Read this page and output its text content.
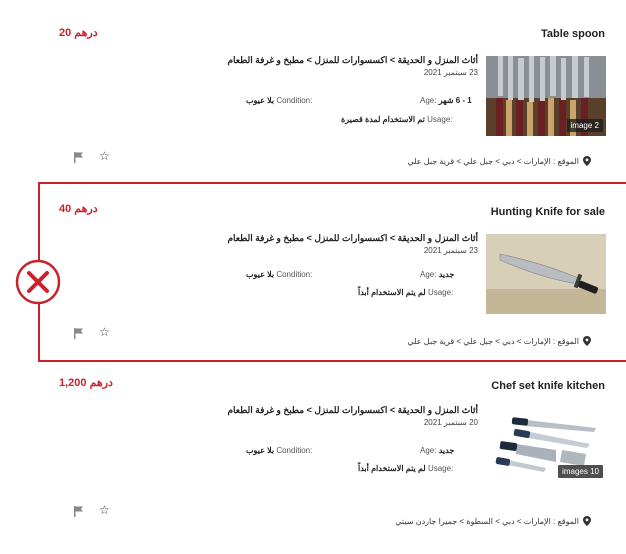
20 درهم	Table spoon
أثاث المنزل و الحديقة > اكسسوارات للمنزل > مطبخ و غرفة الطعام
23 سبتمبر 2021
Age: 1 - 6 شهر
بلا عيوب Condition:
تم الاستخدام لمدة قصيرة Usage:
image 2
الموقع : الإمارات > دبي > جبل علي > قرية جبل علي
☆
40 درهم	Hunting Knife for sale
أثاث المنزل و الحديقة > اكسسوارات للمنزل > مطبخ و غرفة الطعام
23 سبتمبر 2021
Age: جديد
بلا عيوب Condition:
لم يتم الاستخدام أبداً Usage:
الموقع : الإمارات > دبي > جبل علي > قرية جبل علي
☆
1,200 درهم	Chef set knife kitchen
أثاث المنزل و الحديقة > اكسسوارات للمنزل > مطبخ و غرفة الطعام
20 سبتمبر 2021
Age: جديد
بلا عيوب Condition:
لم يتم الاستخدام أبداً Usage:	images 10
الموقع : الإمارات > دبي > السطوة > جميرا جاردن سيتي
☆
